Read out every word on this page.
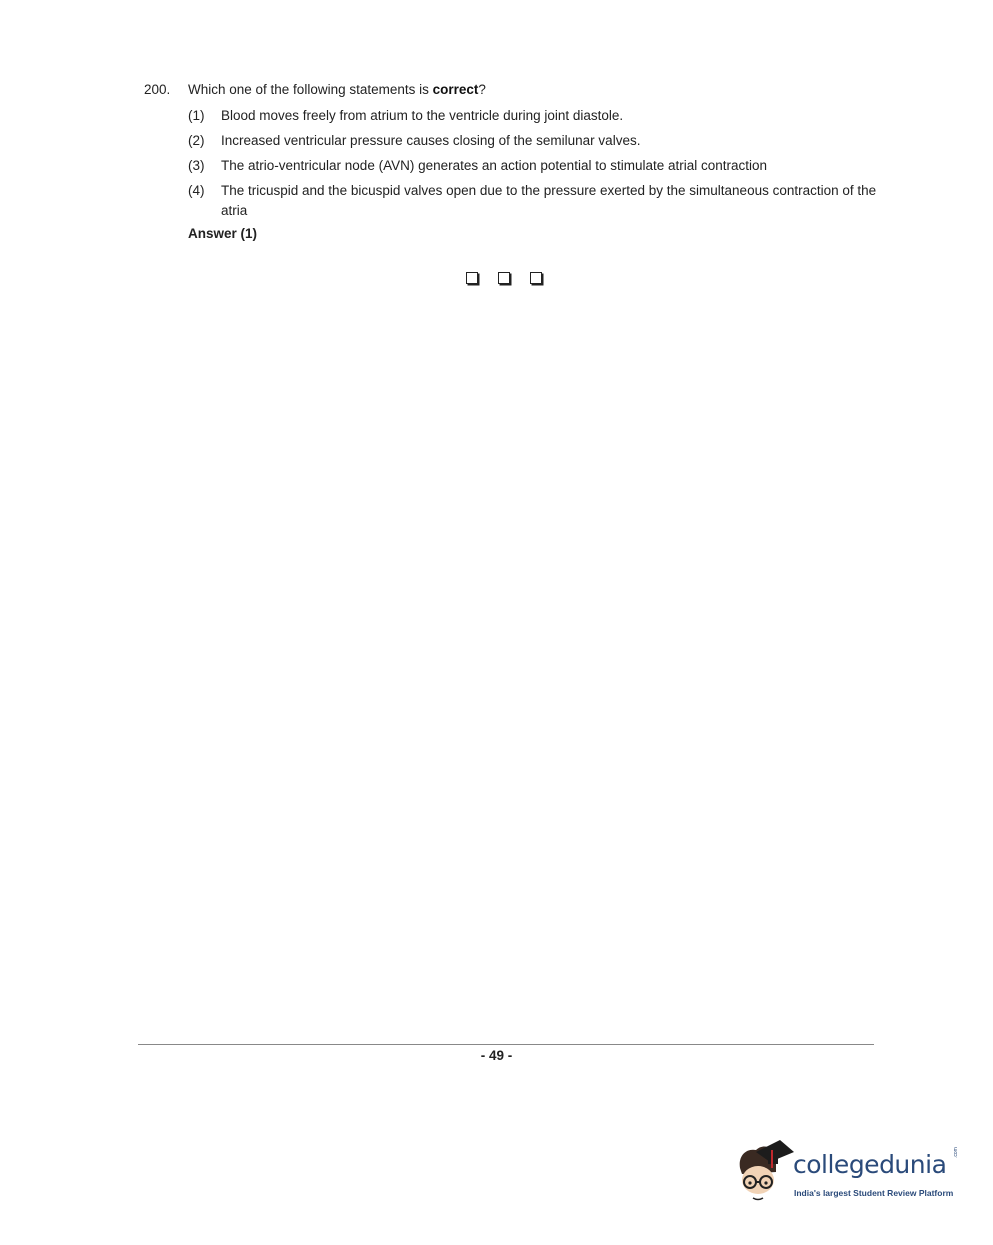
200. Which one of the following statements is correct?
(1) Blood moves freely from atrium to the ventricle during joint diastole.
(2) Increased ventricular pressure causes closing of the semilunar valves.
(3) The atrio-ventricular node (AVN) generates an action potential to stimulate atrial contraction
(4) The tricuspid and the bicuspid valves open due to the pressure exerted by the simultaneous contraction of the atria
Answer (1)
- 49 -
collegedunia .com
India's largest Student Review Platform
